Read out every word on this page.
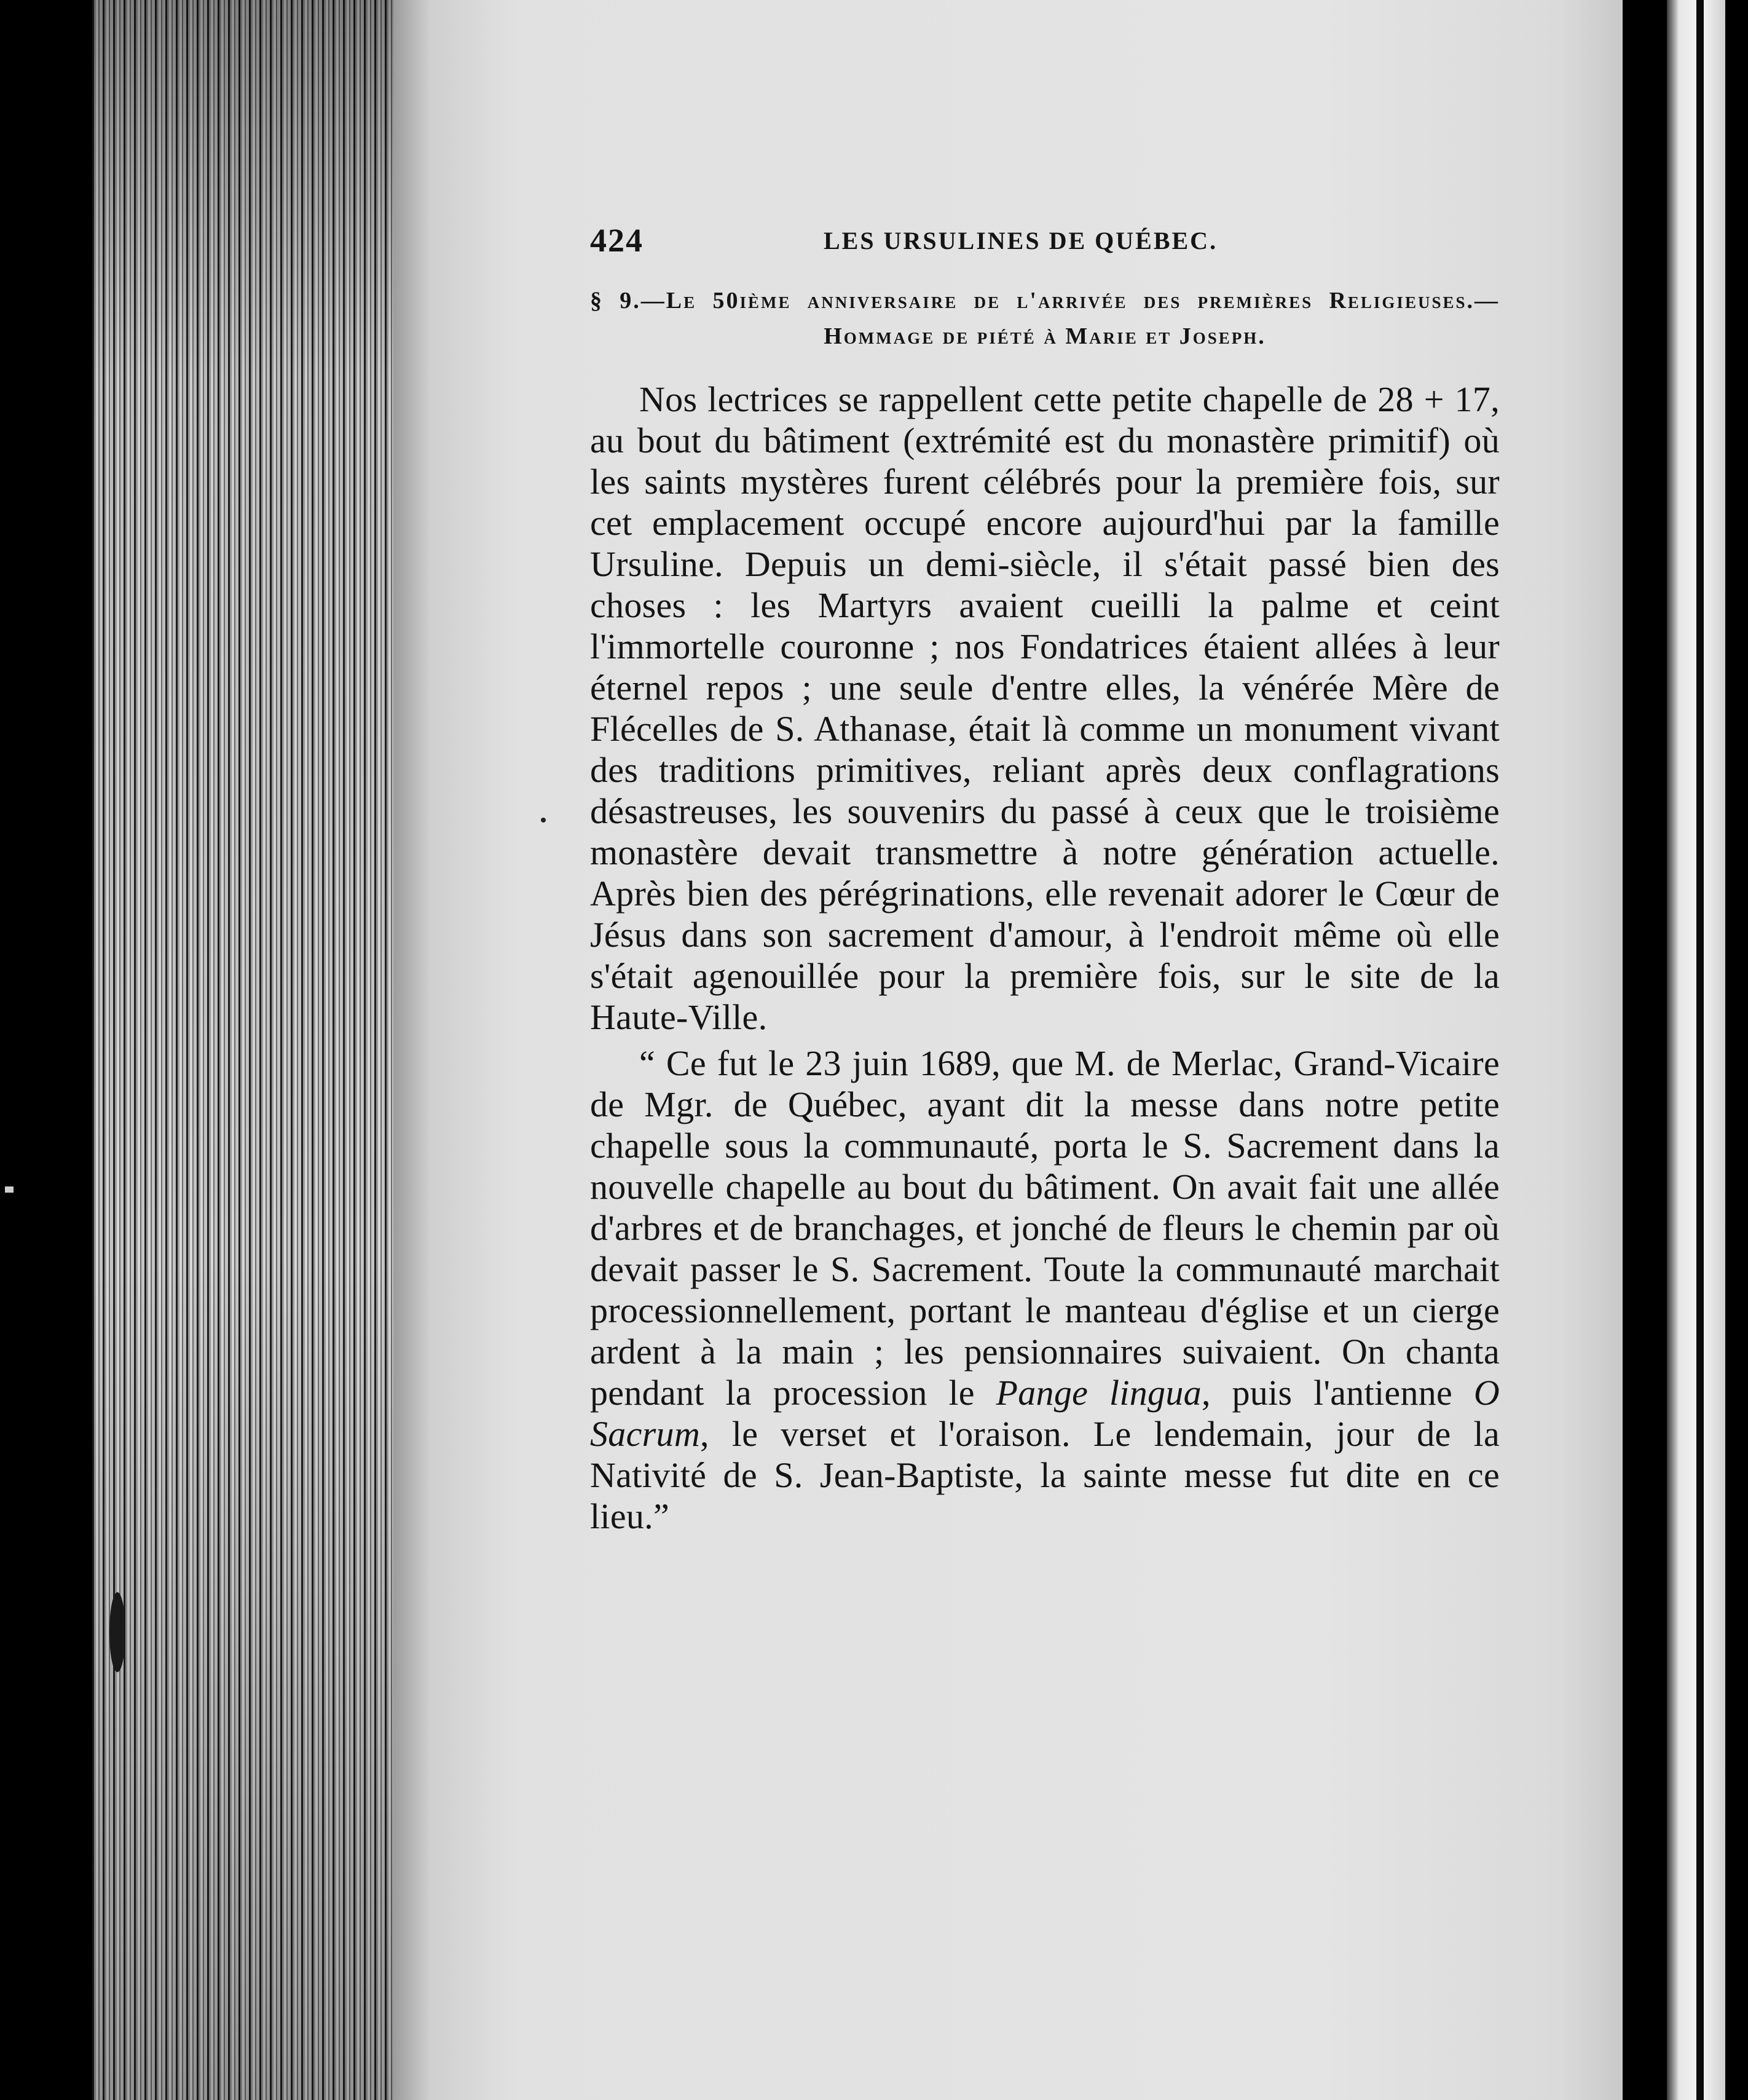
424	LES URSULINES DE QUÉBEC.
§ 9.—Le 50ième anniversaire de l'arrivée des premières Religieuses.—Hommage de piété à Marie et Joseph.

Nos lectrices se rappellent cette petite chapelle de 28 + 17, au bout du bâtiment (extrémité est du monastère primitif) où les saints mystères furent célébrés pour la première fois, sur cet emplacement occupé encore aujourd'hui par la famille Ursuline. Depuis un demi-siècle, il s'était passé bien des choses : les Martyrs avaient cueilli la palme et ceint l'immortelle couronne ; nos Fondatrices étaient allées à leur éternel repos ; une seule d'entre elles, la vénérée Mère de Flécelles de S. Athanase, était là comme un monument vivant des traditions primitives, reliant après deux conflagrations désastreuses, les souvenirs du passé à ceux que le troisième monastère devait transmettre à notre génération actuelle. Après bien des pérégrinations, elle revenait adorer le Cœur de Jésus dans son sacrement d'amour, à l'endroit même où elle s'était agenouillée pour la première fois, sur le site de la Haute-Ville.

“ Ce fut le 23 juin 1689, que M. de Merlac, Grand-Vicaire de Mgr. de Québec, ayant dit la messe dans notre petite chapelle sous la communauté, porta le S. Sacrement dans la nouvelle chapelle au bout du bâtiment. On avait fait une allée d'arbres et de branchages, et jonché de fleurs le chemin par où devait passer le S. Sacrement. Toute la communauté marchait processionnellement, portant le manteau d'église et un cierge ardent à la main ; les pensionnaires suivaient. On chanta pendant la procession le Pange lingua, puis l'antienne O Sacrum, le verset et l'oraison. Le lendemain, jour de la Nativité de S. Jean-Baptiste, la sainte messe fut dite en ce lieu.”
